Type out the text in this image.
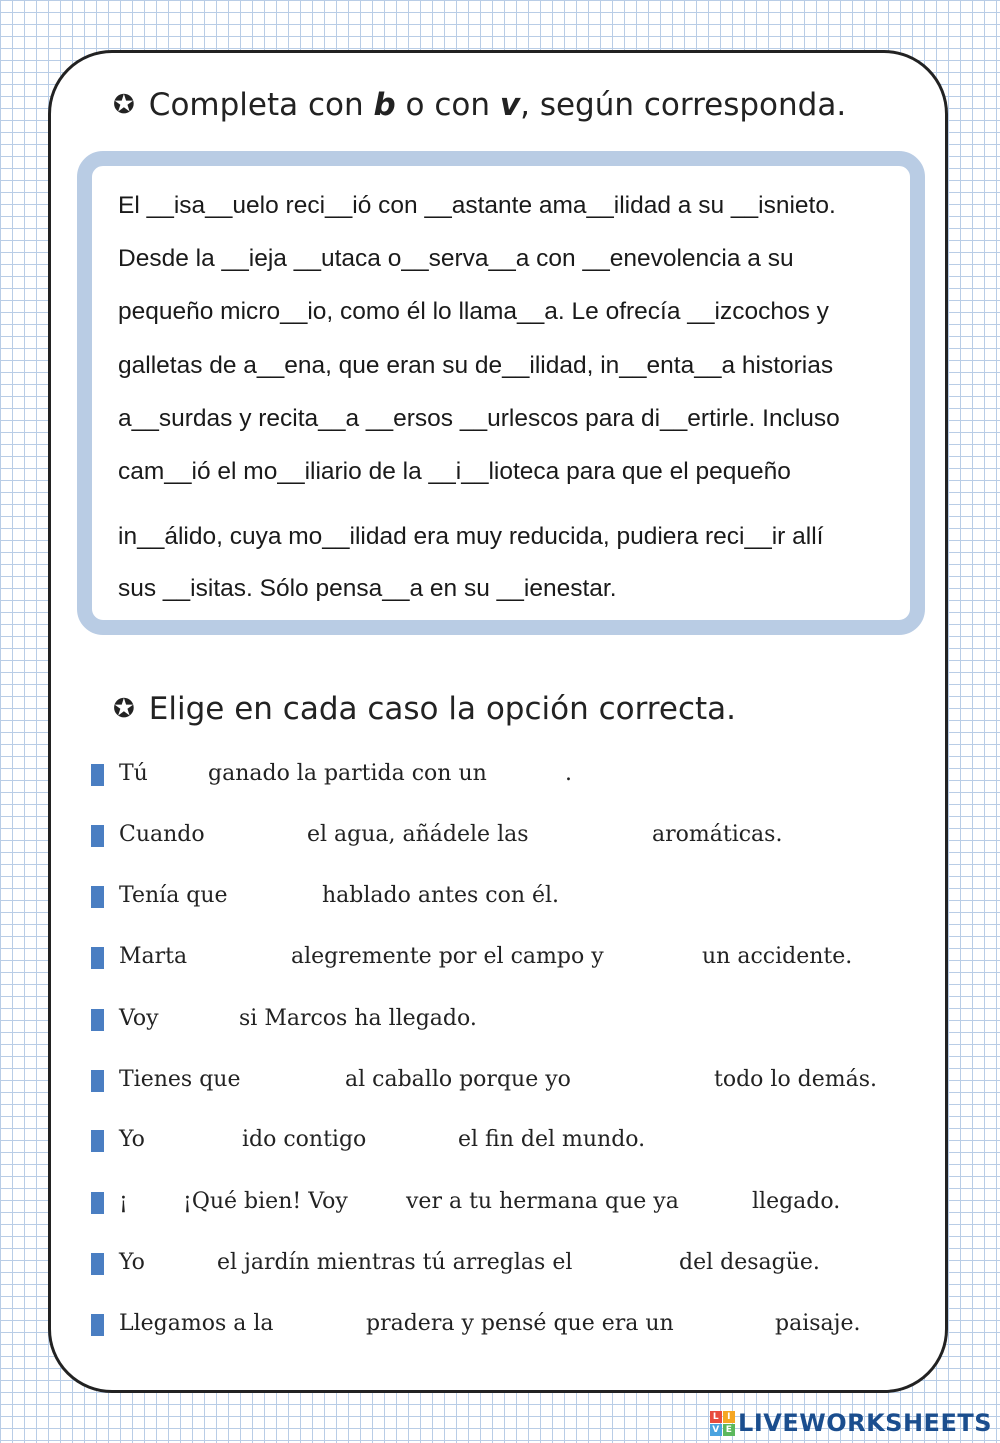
✪ Completa con b o con v, según corresponda.
El __isa__uelo reci__ió con __astante ama__ilidad a su __isnieto.
Desde la __ieja __utaca o__serva__a con __enevolencia a su
pequeño micro__io, como él lo llama__a. Le ofrecía __izcochos y
galletas de a__ena, que eran su de__ilidad, in__enta__a historias
a__surdas y recita__a __ersos __urlescos para di__ertirle. Incluso
cam__ió el mo__iliario de la __i__lioteca para que el pequeño
in__álido, cuya mo__ilidad era muy reducida, pudiera reci__ir allí
sus __isitas. Sólo pensa__a en su __ienestar.
✪ Elige en cada caso la opción correcta.
Tú	ganado la partida con un	.
Cuando	el agua, añádele las	aromáticas.
Tenía que	hablado antes con él.
Marta	alegremente por el campo y	un accidente.
Voy	si Marcos ha llegado.
Tienes que	al caballo porque yo	todo lo demás.
Yo	ido contigo	el fin del mundo.
¡	¡Qué bien! Voy	ver a tu hermana que ya	llegado.
Yo	el jardín mientras tú arreglas el	del desagüe.
Llegamos a la	pradera y pensé que era un	paisaje.
L I
V E LIVEWORKSHEETS
